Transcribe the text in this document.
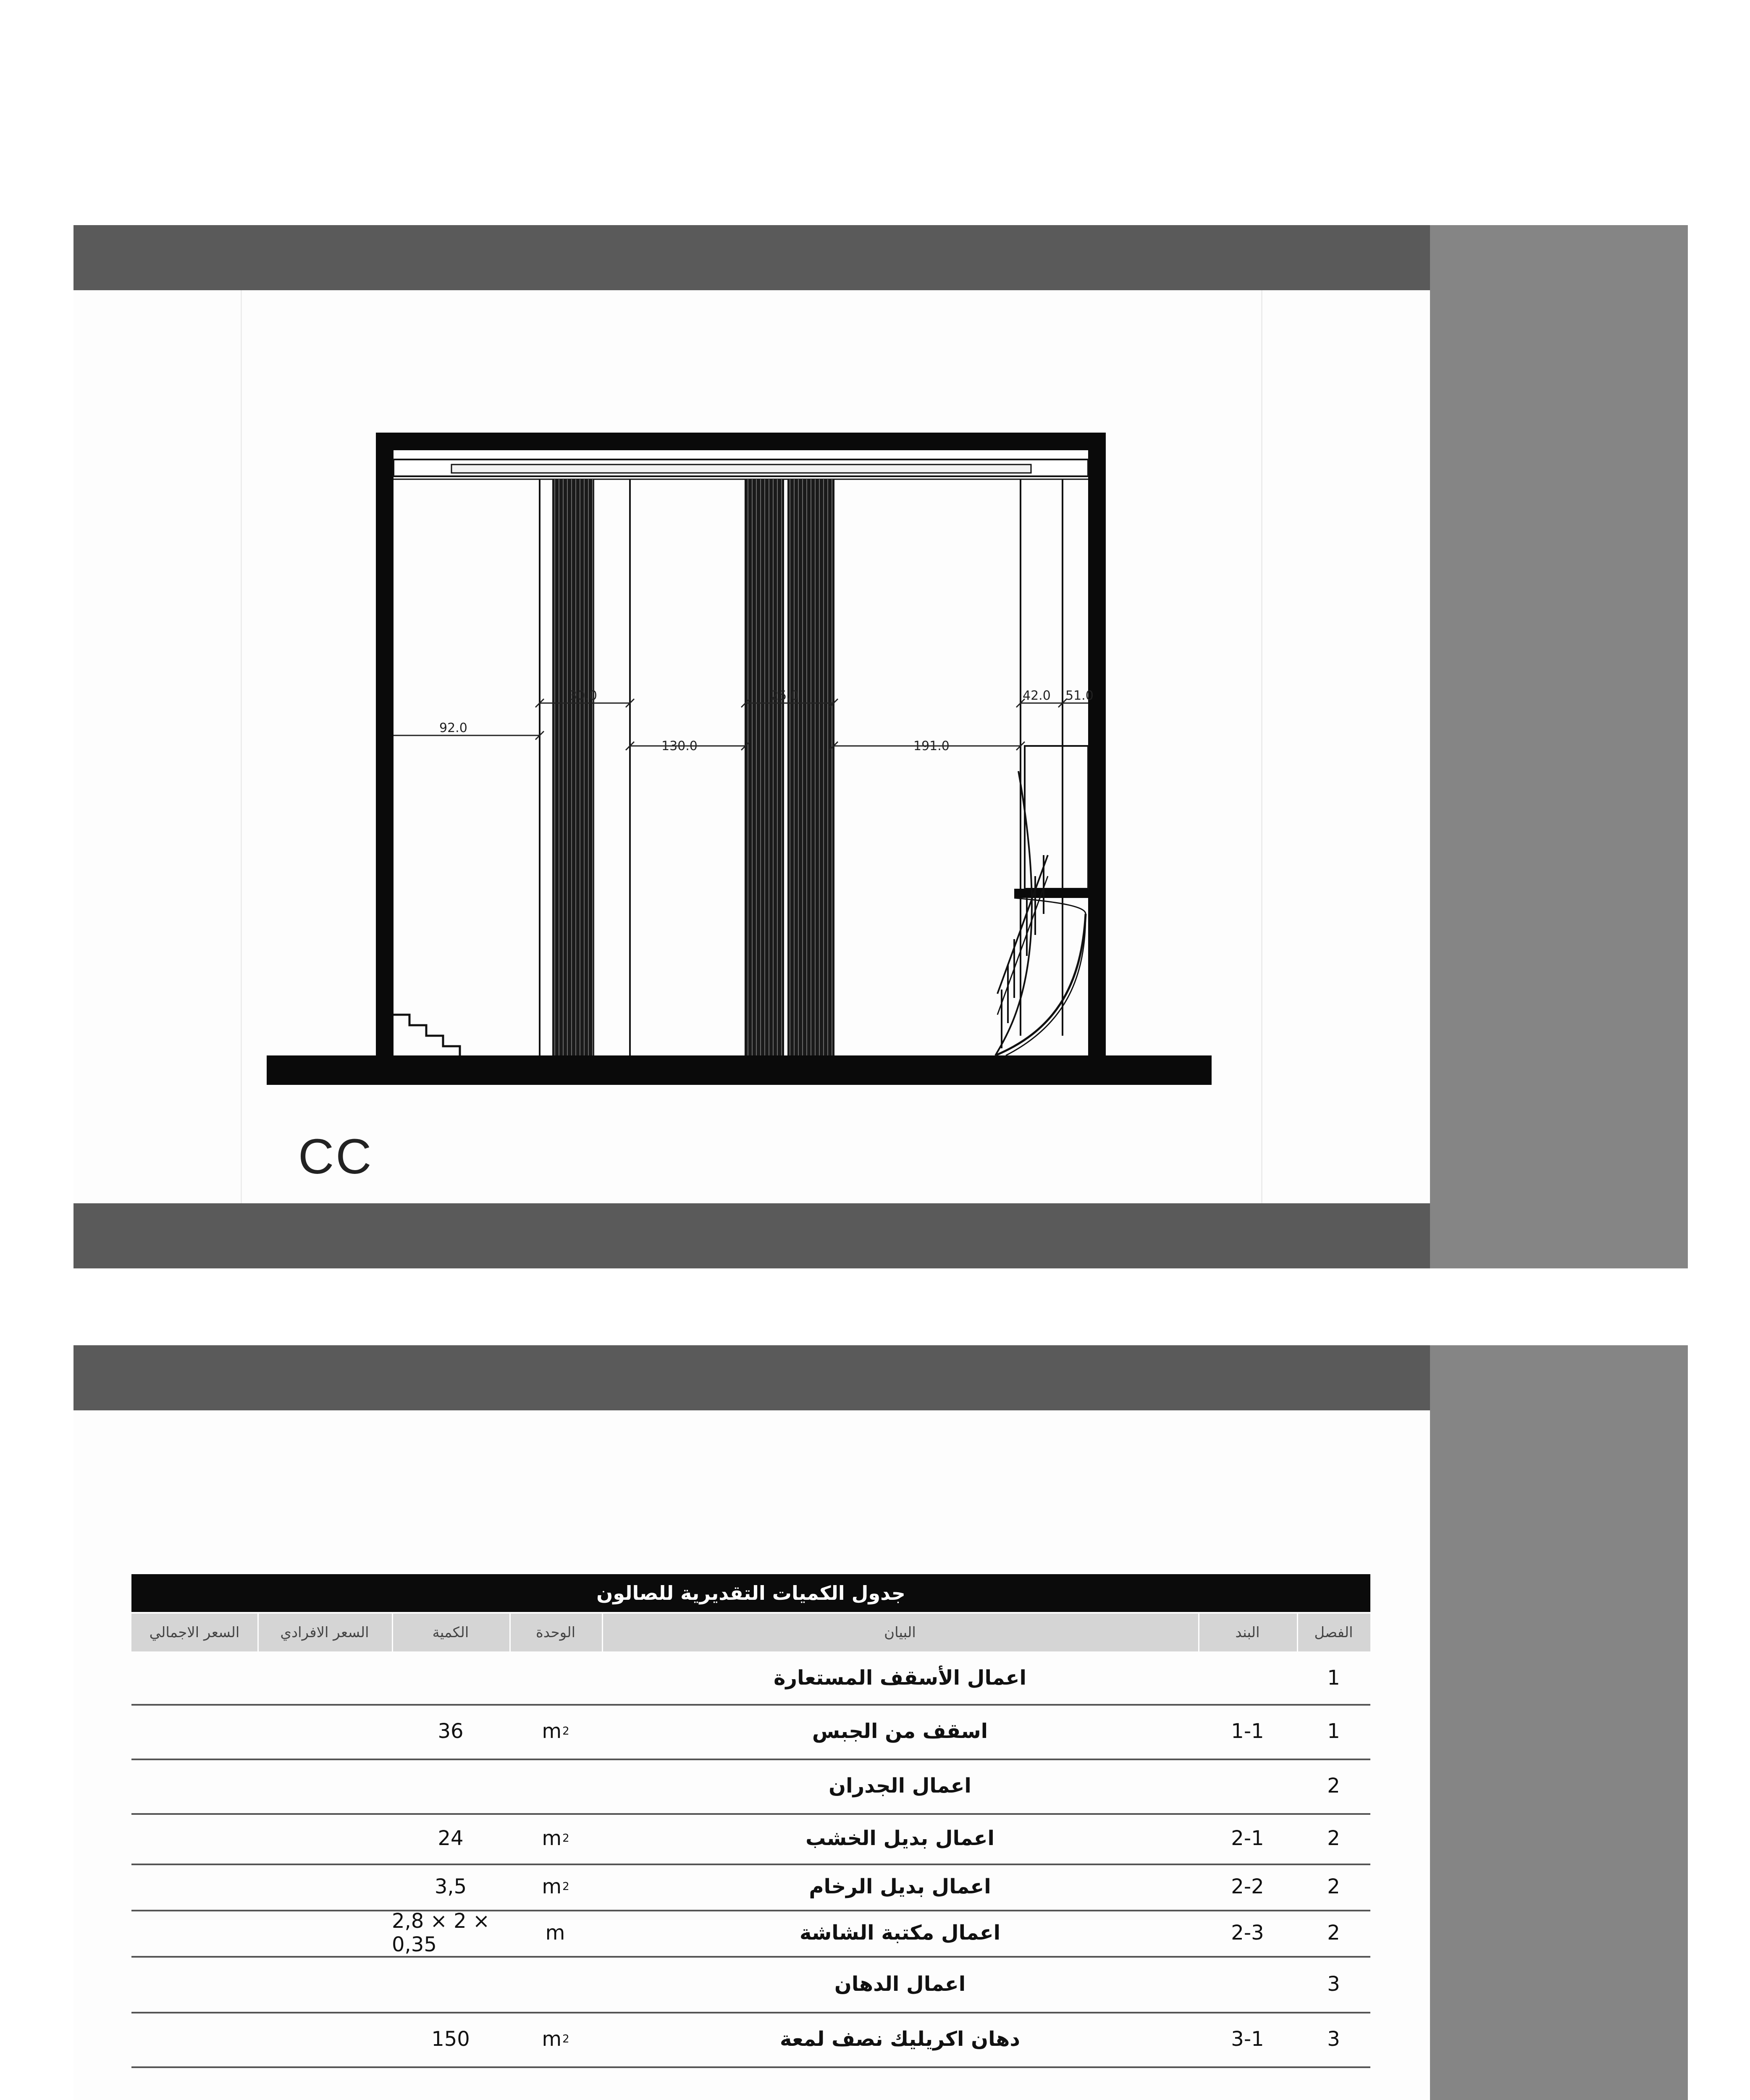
92.0
30.0
130.0
25.0
191.0
42.0 51.0
CC
جدول الكميات التقديرية للصالون
الفصل
البند
البيان
الوحدة
الكمية
السعر الافرادي
السعر الاجمالي
1
اعمال الأسقف المستعارة
1
1-1
اسقف من الجبس
m 2
36
2
اعمال الجدران
2
2-1
اعمال بديل الخشب
m 2
24
2
2-2
اعمال بديل الرخام
m 2
3,5
2
2-3
اعمال مكتبة الشاشة
m
2,8 × 2 × 0,35
3
اعمال الدهان
3
3-1
دهان اكريليك نصف لمعة
m 2
150
